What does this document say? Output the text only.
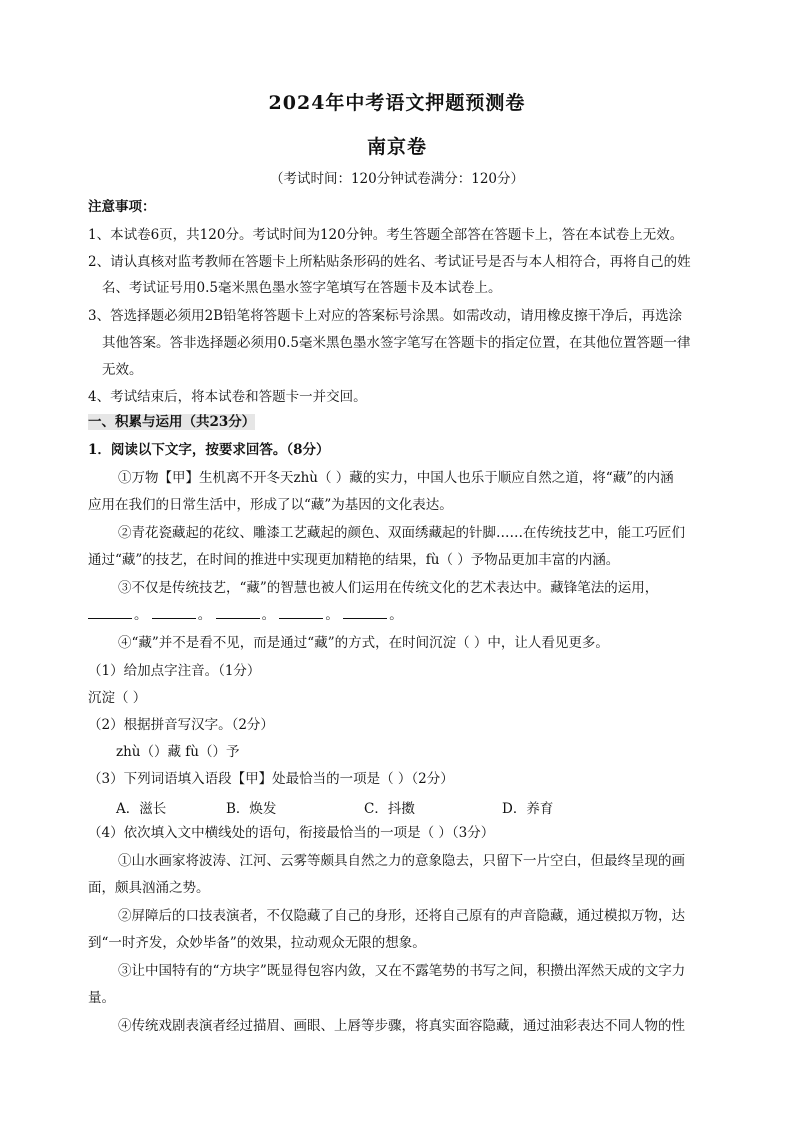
2024年中考语文押题预测卷
南京卷
（考试时间：120分钟试卷满分：120分）
注意事项：
1、本试卷6页，共120分。考试时间为120分钟。考生答题全部答在答题卡上，答在本试卷上无效。
2、请认真核对监考教师在答题卡上所粘贴条形码的姓名、考试证号是否与本人相符合，再将自己的姓
名、考试证号用0.5毫米黑色墨水签字笔填写在答题卡及本试卷上。
3、答选择题必须用2B铅笔将答题卡上对应的答案标号涂黑。如需改动，请用橡皮擦干净后，再选涂
其他答案。答非选择题必须用0.5毫米黑色墨水签字笔写在答题卡的指定位置，在其他位置答题一律
无效。
4、考试结束后，将本试卷和答题卡一并交回。
一、积累与运用（共23分）
1．阅读以下文字，按要求回答。（8分）
①万物【甲】生机离不开冬天zhù（ ）藏的实力，中国人也乐于顺应自然之道，将“藏”的内涵
应用在我们的日常生活中，形成了以“藏”为基因的文化表达。
②青花瓷藏起的花纹、雕漆工艺藏起的颜色、双面绣藏起的针脚……在传统技艺中，能工巧匠们
通过“藏”的技艺，在时间的推进中实现更加精艳的结果，fù（ ）予物品更加丰富的内涵。
③不仅是传统技艺，“藏”的智慧也被人们运用在传统文化的艺术表达中。藏锋笔法的运用，
。	。	。	。	。
④“藏”并不是看不见，而是通过“藏”的方式，在时间沉淀（ ）中，让人看见更多。
（1）给加点字注音。（1分）
沉淀（ ）
（2）根据拼音写汉字。（2分）
zhù（）藏 fù（）予
（3）下列词语填入语段【甲】处最恰当的一项是（ ）（2分）
A．滋长	B．焕发	C．抖擞	D．养育
（4）依次填入文中横线处的语句，衔接最恰当的一项是（ ）（3分）
①山水画家将波涛、江河、云雾等颇具自然之力的意象隐去，只留下一片空白，但最终呈现的画
面，颇具汹涌之势。
②屏障后的口技表演者，不仅隐藏了自己的身形，还将自己原有的声音隐藏，通过模拟万物，达
到“一时齐发，众妙毕备”的效果，拉动观众无限的想象。
③让中国特有的“方块字”既显得包容内敛，又在不露笔势的书写之间，积攒出浑然天成的文字力
量。
④传统戏剧表演者经过描眉、画眼、上唇等步骤，将真实面容隐藏，通过油彩表达不同人物的性
